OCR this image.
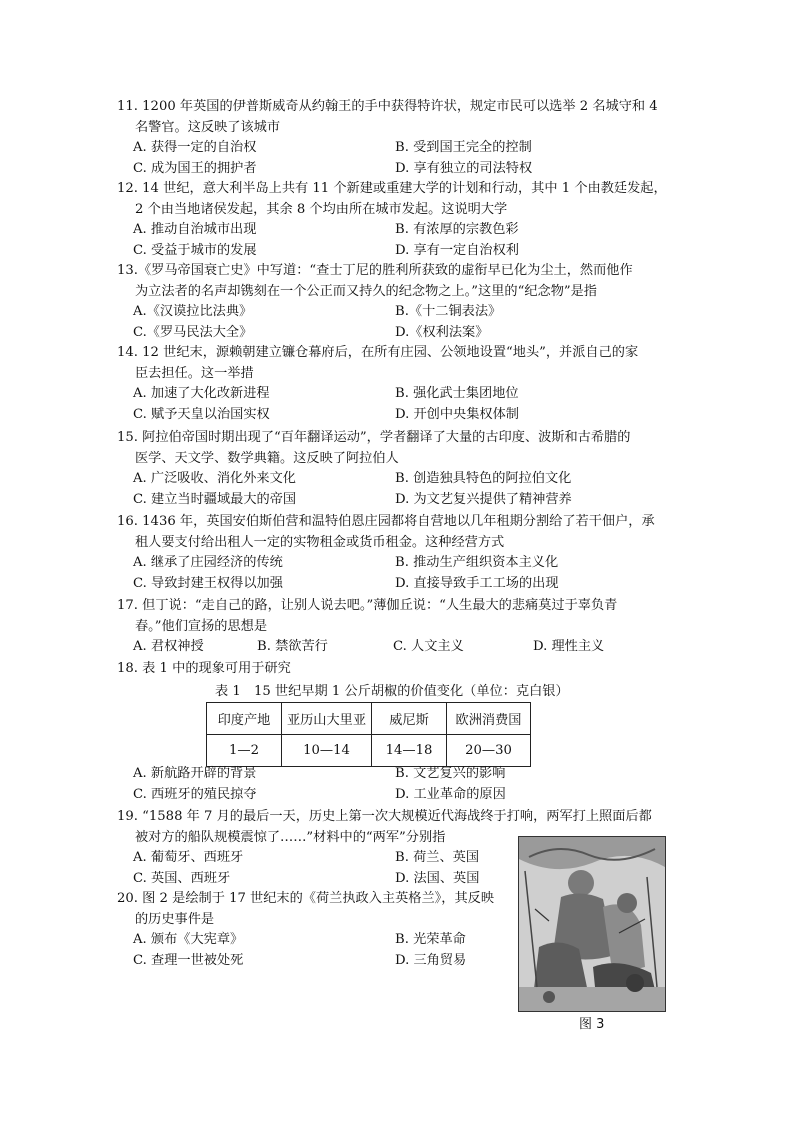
11. 1200 年英国的伊普斯威奇从约翰王的手中获得特许状，规定市民可以选举 2 名城守和 4
名警官。这反映了该城市
A. 获得一定的自治权	B. 受到国王完全的控制
C. 成为国王的拥护者	D. 享有独立的司法特权
12. 14 世纪，意大利半岛上共有 11 个新建或重建大学的计划和行动，其中 1 个由教廷发起，
2 个由当地诸侯发起，其余 8 个均由所在城市发起。这说明大学
A. 推动自治城市出现	B. 有浓厚的宗教色彩
C. 受益于城市的发展	D. 享有一定自治权利
13.《罗马帝国衰亡史》中写道：“查士丁尼的胜利所获致的虚衔早已化为尘土，然而他作
为立法者的名声却镌刻在一个公正而又持久的纪念物之上。”这里的“纪念物”是指
A.《汉谟拉比法典》	B.《十二铜表法》
C.《罗马民法大全》	D.《权利法案》
14. 12 世纪末，源赖朝建立镰仓幕府后，在所有庄园、公领地设置“地头”，并派自己的家
臣去担任。这一举措
A. 加速了大化改新进程	B. 强化武士集团地位
C. 赋予天皇以治国实权	D. 开创中央集权体制
15. 阿拉伯帝国时期出现了“百年翻译运动”，学者翻译了大量的古印度、波斯和古希腊的
医学、天文学、数学典籍。这反映了阿拉伯人
A. 广泛吸收、消化外来文化	B. 创造独具特色的阿拉伯文化
C. 建立当时疆域最大的帝国	D. 为文艺复兴提供了精神营养
16. 1436 年，英国安伯斯伯营和温特伯恩庄园都将自营地以几年租期分割给了若干佃户，承
租人要支付给出租人一定的实物租金或货币租金。这种经营方式
A. 继承了庄园经济的传统	B. 推动生产组织资本主义化
C. 导致封建王权得以加强	D. 直接导致手工工场的出现
17. 但丁说：“走自己的路，让别人说去吧。”薄伽丘说：“人生最大的悲痛莫过于辜负青
春。”他们宣扬的思想是
A. 君权神授	B. 禁欲苦行	C. 人文主义	D. 理性主义
18. 表 1 中的现象可用于研究
表 1　15 世纪早期 1 公斤胡椒的价值变化（单位：克白银）
印度产地	亚历山大里亚	威尼斯	欧洲消费国
1—2	10—14	14—18	20—30
A. 新航路开辟的背景	B. 文艺复兴的影响
C. 西班牙的殖民掠夺	D. 工业革命的原因
19. “1588 年 7 月的最后一天，历史上第一次大规模近代海战终于打响，两军打上照面后都
被对方的船队规模震惊了……”材料中的“两军”分别指
A. 葡萄牙、西班牙	B. 荷兰、英国
C. 英国、西班牙	D. 法国、英国
20. 图 2 是绘制于 17 世纪末的《荷兰执政入主英格兰》，其反映
的历史事件是
A. 颁布《大宪章》	B. 光荣革命
C. 查理一世被处死	D. 三角贸易
图 3
